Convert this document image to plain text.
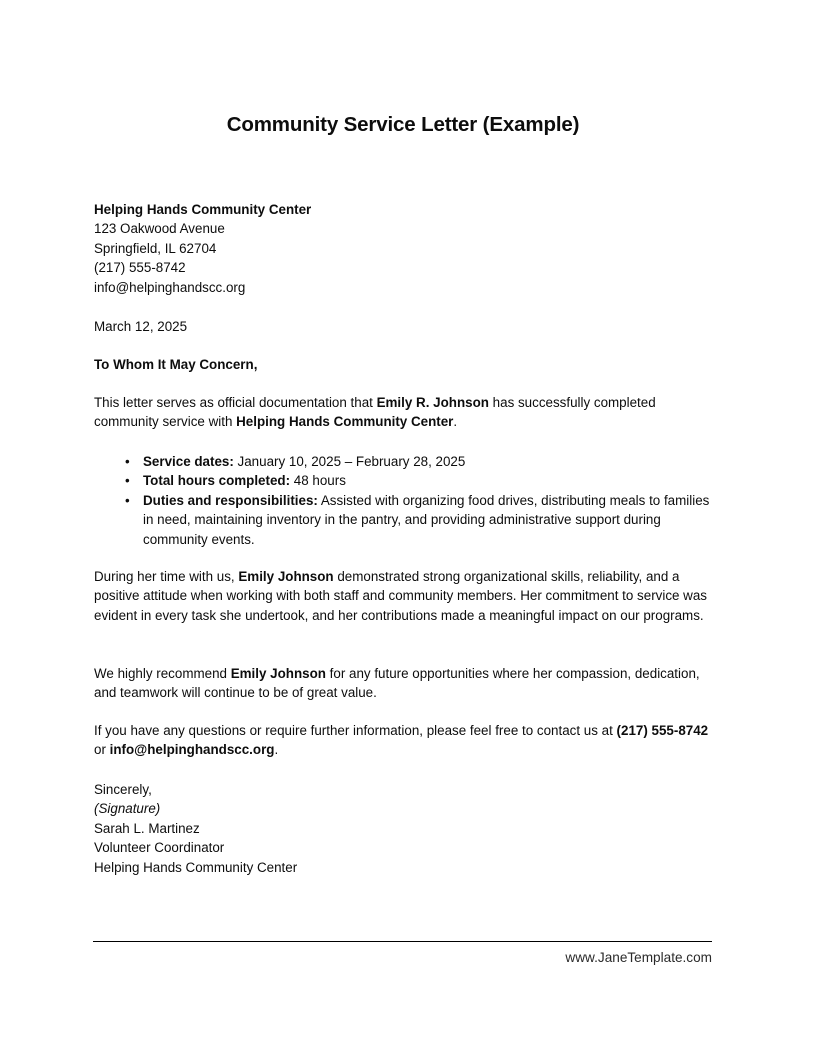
Community Service Letter (Example)
Helping Hands Community Center
123 Oakwood Avenue
Springfield, IL 62704
(217) 555-8742
info@helpinghandscc.org
March 12, 2025
To Whom It May Concern,

This letter serves as official documentation that Emily R. Johnson has successfully completed community service with Helping Hands Community Center.

• Service dates: January 10, 2025 – February 28, 2025
• Total hours completed: 48 hours
• Duties and responsibilities: Assisted with organizing food drives, distributing meals to families in need, maintaining inventory in the pantry, and providing administrative support during community events.

During her time with us, Emily Johnson demonstrated strong organizational skills, reliability, and a positive attitude when working with both staff and community members. Her commitment to service was evident in every task she undertook, and her contributions made a meaningful impact on our programs.

We highly recommend Emily Johnson for any future opportunities where her compassion, dedication, and teamwork will continue to be of great value.

If you have any questions or require further information, please feel free to contact us at (217) 555-8742 or info@helpinghandscc.org.

Sincerely,
(Signature)
Sarah L. Martinez
Volunteer Coordinator
Helping Hands Community Center
www.JaneTemplate.com
